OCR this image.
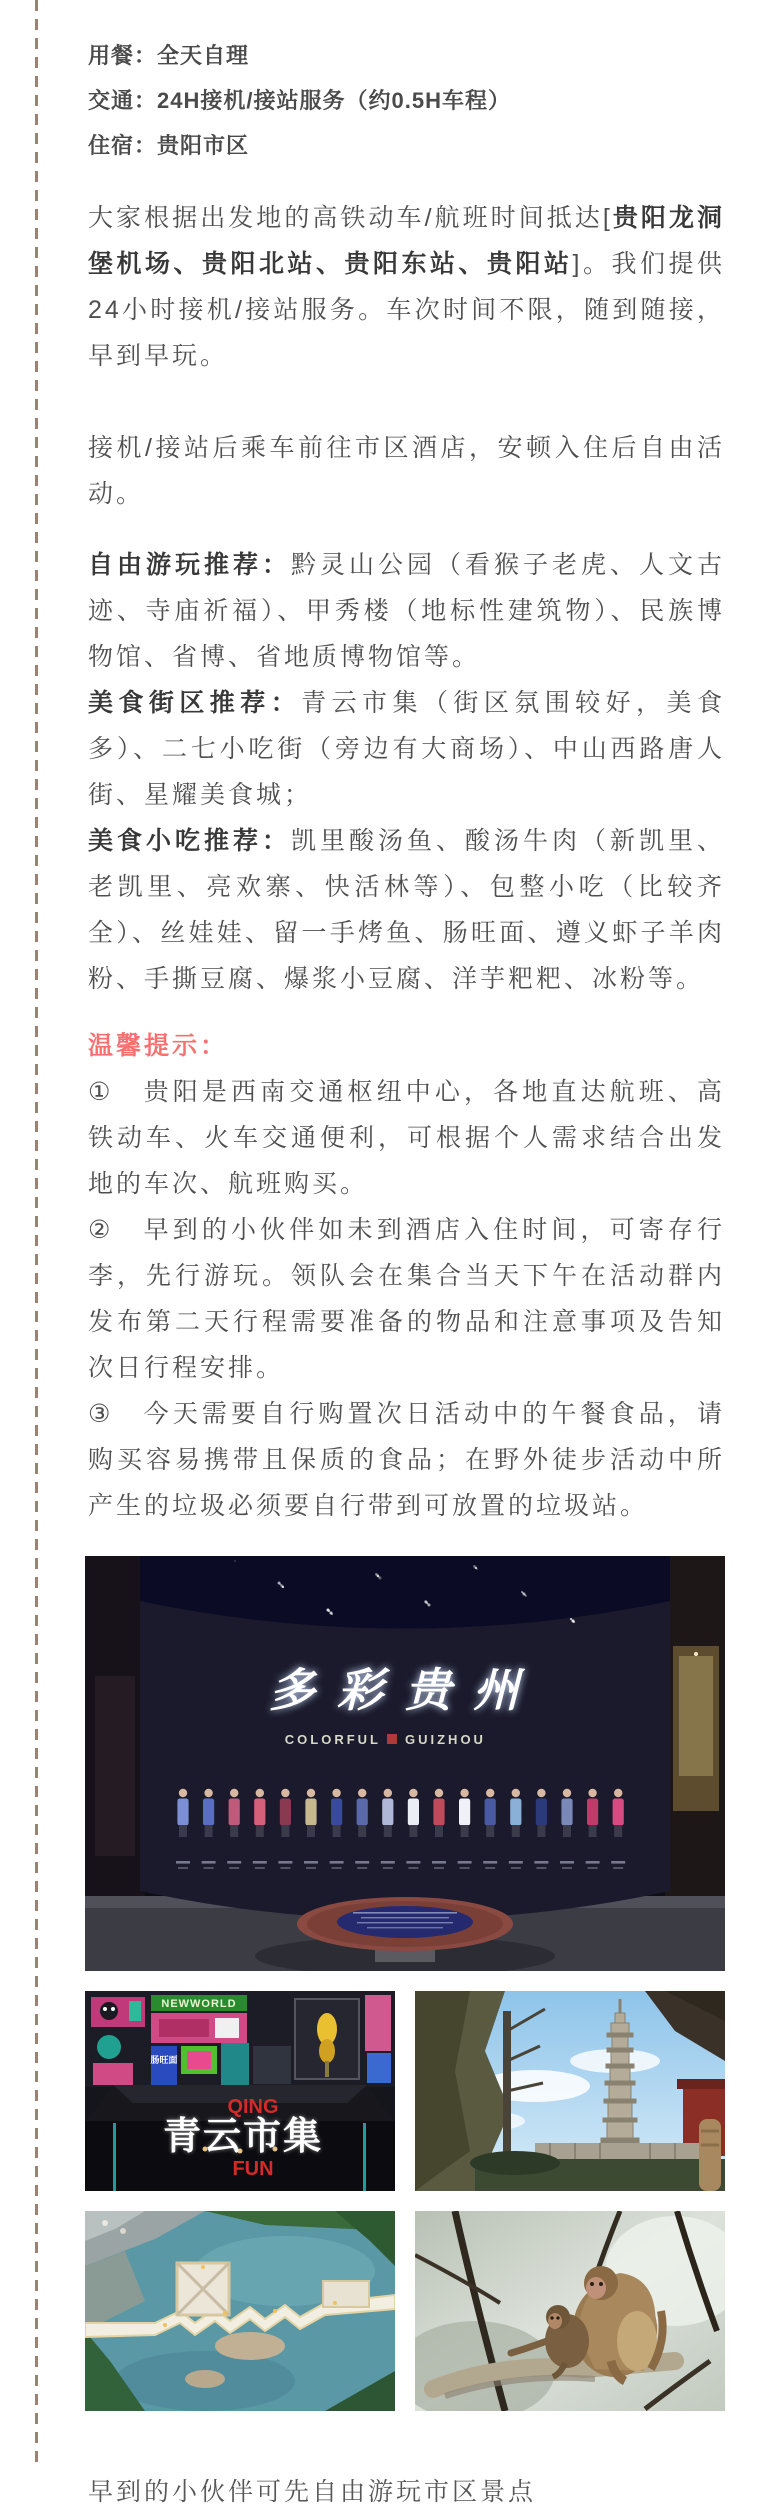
用餐：全天自理
交通：24H接机/接站服务（约0.5H车程）
住宿：贵阳市区

大家根据出发地的高铁动车/航班时间抵达[贵阳龙洞堡机场、贵阳北站、贵阳东站、贵阳站]。我们提供24小时接机/接站服务。车次时间不限，随到随接，早到早玩。

接机/接站后乘车前往市区酒店，安顿入住后自由活动。

自由游玩推荐：黔灵山公园（看猴子老虎、人文古迹、寺庙祈福）、甲秀楼（地标性建筑物）、民族博物馆、省博、省地质博物馆等。

美食街区推荐：青云市集（街区氛围较好，美食多）、二七小吃街（旁边有大商场）、中山西路唐人街、星耀美食城；

美食小吃推荐：凯里酸汤鱼、酸汤牛肉（新凯里、老凯里、亮欢寨、快活林等）、包整小吃（比较齐全）、丝娃娃、留一手烤鱼、肠旺面、遵义虾子羊肉粉、手撕豆腐、爆浆小豆腐、洋芋粑粑、冰粉等。

温馨提示：

①　贵阳是西南交通枢纽中心，各地直达航班、高铁动车、火车交通便利，可根据个人需求结合出发地的车次、航班购买。

②　早到的小伙伴如未到酒店入住时间，可寄存行李，先行游玩。领队会在集合当天下午在活动群内发布第二天行程需要准备的物品和注意事项及告知次日行程安排。

③　今天需要自行购置次日活动中的午餐食品，请购买容易携带且保质的食品；在野外徒步活动中所产生的垃圾必须要自行带到可放置的垃圾站。

多彩贵州
COLORFUL GUIZHOU
NEWWORLD
肠旺面
QING
青云市集
FUN
早到的小伙伴可先自由游玩市区景点
